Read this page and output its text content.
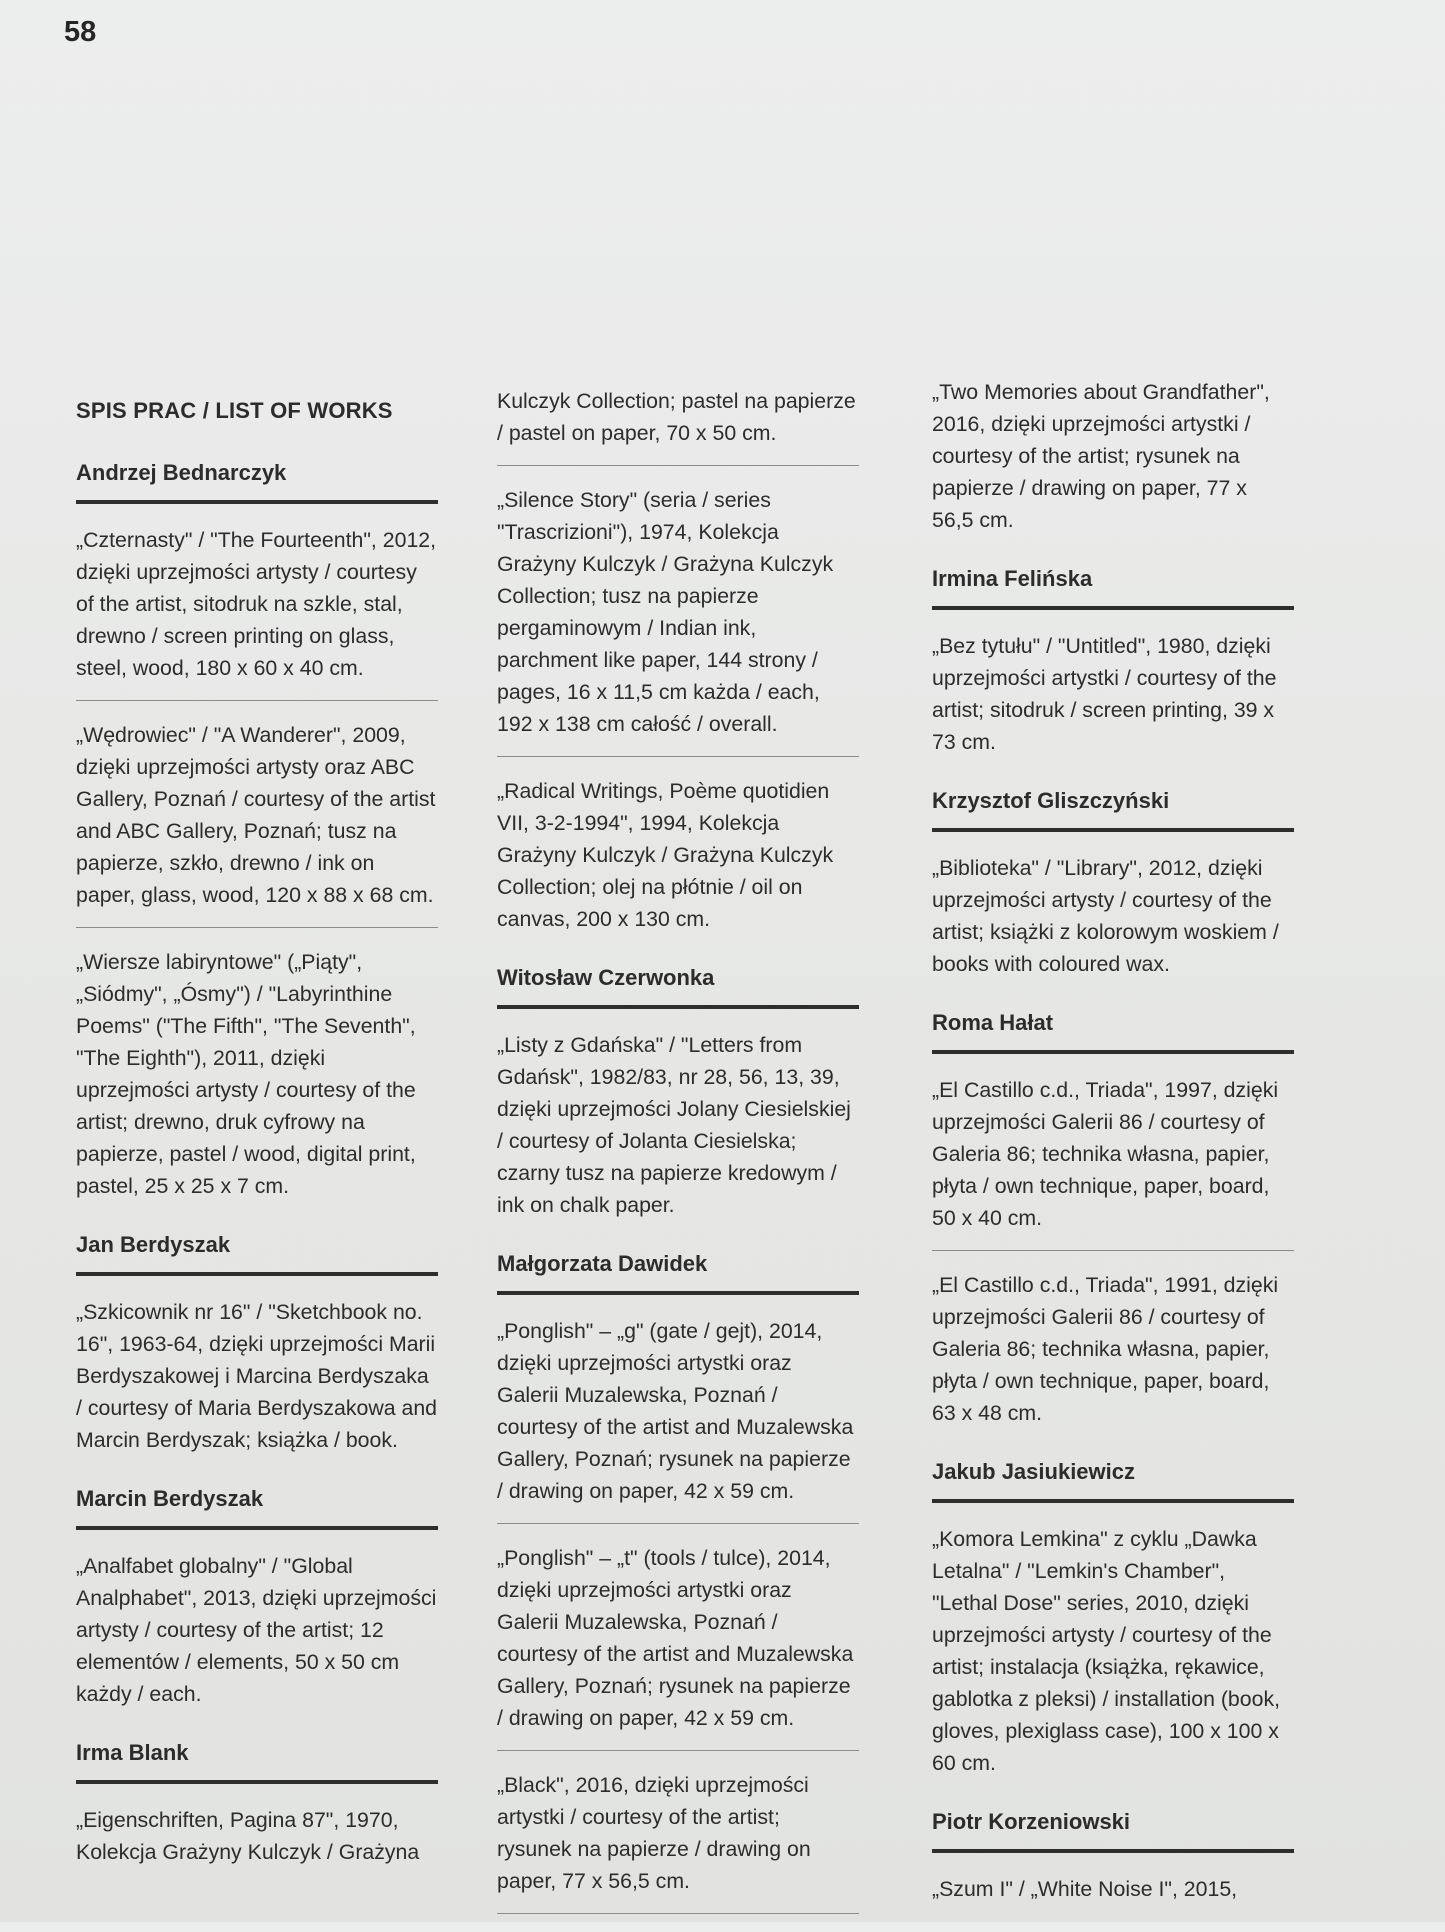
58
SPIS PRAC / LIST OF WORKS
Andrzej Bednarczyk

„Czternasty" / "The Fourteenth", 2012, dzięki uprzejmości artysty / courtesy of the artist, sitodruk na szkle, stal, drewno / screen printing on glass, steel, wood, 180 x 60 x 40 cm.

„Wędrowiec" / "A Wanderer", 2009, dzięki uprzejmości artysty oraz ABC Gallery, Poznań / courtesy of the artist and ABC Gallery, Poznań; tusz na papierze, szkło, drewno / ink on paper, glass, wood, 120 x 88 x 68 cm.

„Wiersze labiryntowe" („Piąty", „Siódmy", „Ósmy") / "Labyrinthine Poems" ("The Fifth", "The Seventh", "The Eighth"), 2011, dzięki uprzejmości artysty / courtesy of the artist; drewno, druk cyfrowy na papierze, pastel / wood, digital print, pastel, 25 x 25 x 7 cm.

Jan Berdyszak

„Szkicownik nr 16" / "Sketchbook no. 16", 1963-64, dzięki uprzejmości Marii Berdyszakowej i Marcina Berdyszaka / courtesy of Maria Berdyszakowa and Marcin Berdyszak; książka / book.

Marcin Berdyszak

„Analfabet globalny" / "Global Analphabet", 2013, dzięki uprzejmości artysty / courtesy of the artist; 12 elementów / elements, 50 x 50 cm każdy / each.

Irma Blank

„Eigenschriften, Pagina 87", 1970, Kolekcja Grażyny Kulczyk / Grażyna

Kulczyk Collection; pastel na papierze / pastel on paper, 70 x 50 cm.

„Silence Story" (seria / series "Trascrizioni"), 1974, Kolekcja Grażyny Kulczyk / Grażyna Kulczyk Collection; tusz na papierze pergaminowym / Indian ink, parchment like paper, 144 strony / pages, 16 x 11,5 cm każda / each, 192 x 138 cm całość / overall.

„Radical Writings, Poème quotidien VII, 3-2-1994", 1994, Kolekcja Grażyny Kulczyk / Grażyna Kulczyk Collection; olej na płótnie / oil on canvas, 200 x 130 cm.

Witosław Czerwonka

„Listy z Gdańska" / "Letters from Gdańsk", 1982/83, nr 28, 56, 13, 39, dzięki uprzejmości Jolany Ciesielskiej / courtesy of Jolanta Ciesielska; czarny tusz na papierze kredowym / ink on chalk paper.

Małgorzata Dawidek

„Ponglish" – „g" (gate / gejt), 2014, dzięki uprzejmości artystki oraz Galerii Muzalewska, Poznań / courtesy of the artist and Muzalewska Gallery, Poznań; rysunek na papierze / drawing on paper, 42 x 59 cm.

„Ponglish" – „t" (tools / tulce), 2014, dzięki uprzejmości artystki oraz Galerii Muzalewska, Poznań / courtesy of the artist and Muzalewska Gallery, Poznań; rysunek na papierze / drawing on paper, 42 x 59 cm.

„Black", 2016, dzięki uprzejmości artystki / courtesy of the artist; rysunek na papierze / drawing on paper, 77 x 56,5 cm.

„Two Memories about Grandfather", 2016, dzięki uprzejmości artystki / courtesy of the artist; rysunek na papierze / drawing on paper, 77 x 56,5 cm.

Irmina Felińska

„Bez tytułu" / "Untitled", 1980, dzięki uprzejmości artystki / courtesy of the artist; sitodruk / screen printing, 39 x 73 cm.

Krzysztof Gliszczyński

„Biblioteka" / "Library", 2012, dzięki uprzejmości artysty / courtesy of the artist; książki z kolorowym woskiem / books with coloured wax.

Roma Hałat

„El Castillo c.d., Triada", 1997, dzięki uprzejmości Galerii 86 / courtesy of Galeria 86; technika własna, papier, płyta / own technique, paper, board, 50 x 40 cm.

„El Castillo c.d., Triada", 1991, dzięki uprzejmości Galerii 86 / courtesy of Galeria 86; technika własna, papier, płyta / own technique, paper, board, 63 x 48 cm.

Jakub Jasiukiewicz

„Komora Lemkina" z cyklu „Dawka Letalna" / "Lemkin's Chamber", "Lethal Dose" series, 2010, dzięki uprzejmości artysty / courtesy of the artist; instalacja (książka, rękawice, gablotka z pleksi) / installation (book, gloves, plexiglass case), 100 x 100 x 60 cm.

Piotr Korzeniowski

„Szum I" / „White Noise I", 2015,
